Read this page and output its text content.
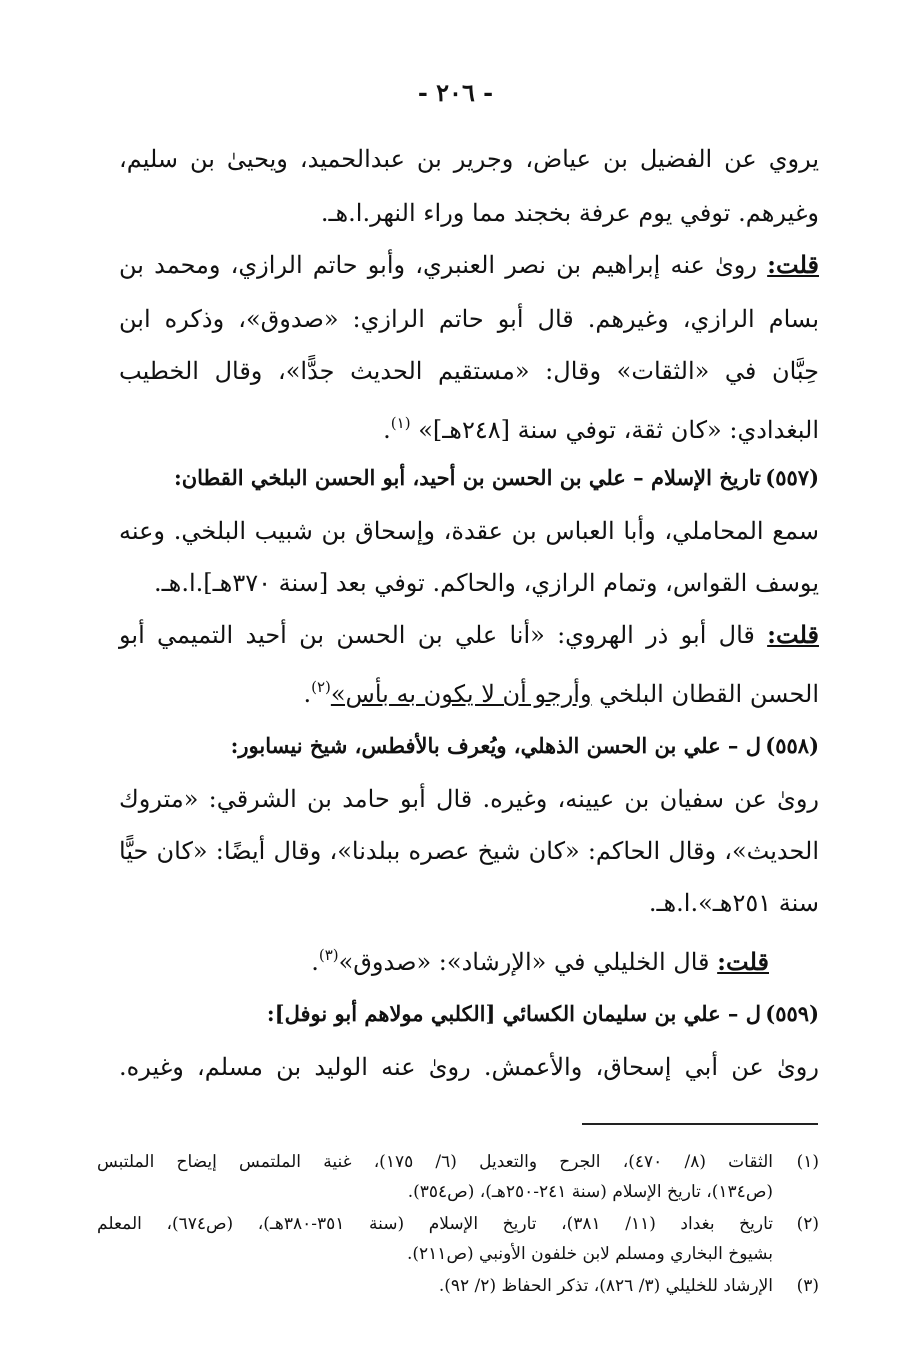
- ٢٠٦ -
يروي عن الفضيل بن عياض، وجرير بن عبدالحميد، ويحيىٰ بن سليم،
وغيرهم. توفي يوم عرفة بخجند مما وراء النهر.ا.هـ.
قلت: روىٰ عنه إبراهيم بن نصر العنبري، وأبو حاتم الرازي، ومحمد بن
بسام الرازي، وغيرهم. قال أبو حاتم الرازي: «صدوق»، وذكره ابن
حِبَّان في «الثقات» وقال: «مستقيم الحديث جدًّا»، وقال الخطيب
البغدادي: «كان ثقة، توفي سنة [٢٤٨هـ]» $^{(١)}$.
(٥٥٧)تاريخ الإسلام – علي بن الحسن بن أحيد، أبو الحسن البلخي القطان:
سمع المحاملي، وأبا العباس بن عقدة، وإسحاق بن شبيب البلخي. وعنه
يوسف القواس، وتمام الرازي، والحاكم. توفي بعد [سنة ٣٧٠هـ].ا.هـ.
قلت: قال أبو ذر الهروي: «أنا علي بن الحسن بن أحيد التميمي أبو
الحسن القطان البلخي وأرجو أن لا يكون به بأس»$^{(٢)}$.
(٥٥٨)ل – علي بن الحسن الذهلي، ويُعرف بالأفطس، شيخ نيسابور:
روىٰ عن سفيان بن عيينه، وغيره. قال أبو حامد بن الشرقي: «متروك
الحديث»، وقال الحاكم: «كان شيخ عصره ببلدنا»، وقال أيضًا: «كان حيًّا
سنة ٢٥١هـ».ا.هـ.
قلت: قال الخليلي في «الإرشاد»: «صدوق»$^{(٣)}$.
(٥٥٩)ل – علي بن سليمان الكسائي [الكلبي مولاهم أبو نوفل]:
روىٰ عن أبي إسحاق، والأعمش. روىٰ عنه الوليد بن مسلم، وغيره.
(١)الثقات (٨/ ٤٧٠)، الجرح والتعديل (٦/ ١٧٥)، غنية الملتمس إيضاح الملتبس
(ص١٣٤)، تاريخ الإسلام (سنة ٢٤١-٢٥٠هـ)، (ص٣٥٤).
(٢)تاريخ بغداد (١١/ ٣٨١)، تاريخ الإسلام (سنة ٣٥١-٣٨٠هـ)، (ص٦٧٤)، المعلم
بشيوخ البخاري ومسلم لابن خلفون الأونبي (ص٢١١).
(٣)الإرشاد للخليلي (٣/ ٨٢٦)، تذكر الحفاظ (٢/ ٩٢).
